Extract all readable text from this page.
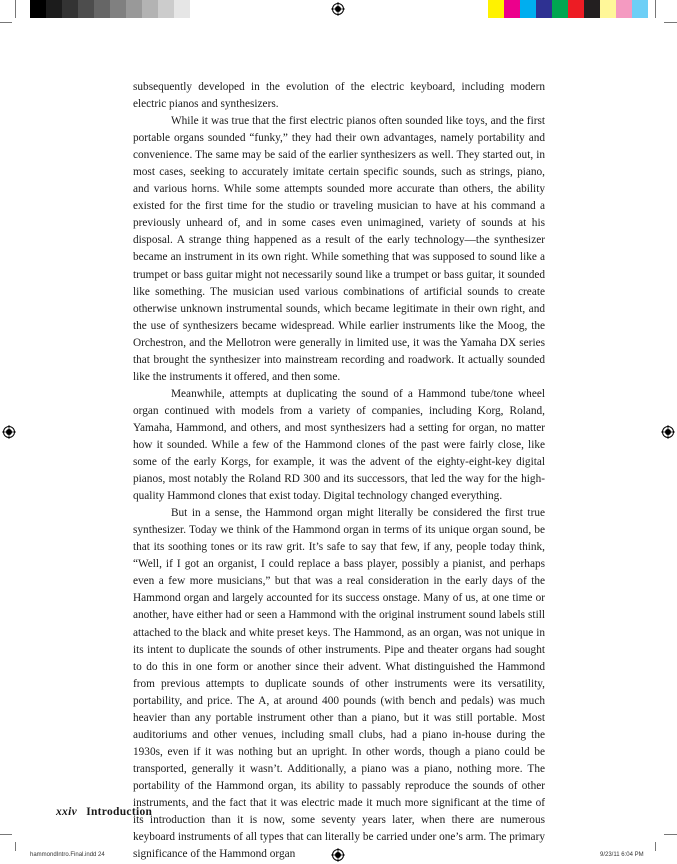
subsequently developed in the evolution of the electric keyboard, including modern electric pianos and synthesizers.

While it was true that the first electric pianos often sounded like toys, and the first portable organs sounded “funky,” they had their own advantages, namely portability and convenience. The same may be said of the earlier synthesizers as well. They started out, in most cases, seeking to accurately imitate certain specific sounds, such as strings, piano, and various horns. While some attempts sounded more accurate than others, the ability existed for the first time for the studio or traveling musician to have at his command a previously unheard of, and in some cases even unimagined, variety of sounds at his disposal. A strange thing happened as a result of the early technology—the synthesizer became an instrument in its own right. While something that was supposed to sound like a trumpet or bass guitar might not necessarily sound like a trumpet or bass guitar, it sounded like something. The musician used various combinations of artificial sounds to create otherwise unknown instrumental sounds, which became legitimate in their own right, and the use of synthesizers became widespread. While earlier instruments like the Moog, the Orchestron, and the Mellotron were generally in limited use, it was the Yamaha DX series that brought the synthesizer into mainstream recording and roadwork. It actually sounded like the instruments it offered, and then some.

Meanwhile, attempts at duplicating the sound of a Hammond tube/tone wheel organ continued with models from a variety of companies, including Korg, Roland, Yamaha, Hammond, and others, and most synthesizers had a setting for organ, no matter how it sounded. While a few of the Hammond clones of the past were fairly close, like some of the early Korgs, for example, it was the advent of the eighty-eight-key digital pianos, most notably the Roland RD 300 and its successors, that led the way for the high-quality Hammond clones that exist today. Digital technology changed everything.

But in a sense, the Hammond organ might literally be considered the first true synthesizer. Today we think of the Hammond organ in terms of its unique organ sound, be that its soothing tones or its raw grit. It’s safe to say that few, if any, people today think, “Well, if I got an organist, I could replace a bass player, possibly a pianist, and perhaps even a few more musicians,” but that was a real consideration in the early days of the Hammond organ and largely accounted for its success onstage. Many of us, at one time or another, have either had or seen a Hammond with the original instrument sound labels still attached to the black and white preset keys. The Hammond, as an organ, was not unique in its intent to duplicate the sounds of other instruments. Pipe and theater organs had sought to do this in one form or another since their advent. What distinguished the Hammond from previous attempts to duplicate sounds of other instruments were its versatility, portability, and price. The A, at around 400 pounds (with bench and pedals) was much heavier than any portable instrument other than a piano, but it was still portable. Most auditoriums and other venues, including small clubs, had a piano in-house during the 1930s, even if it was nothing but an upright. In other words, though a piano could be transported, generally it wasn’t. Additionally, a piano was a piano, nothing more. The portability of the Hammond organ, its ability to passably reproduce the sounds of other instruments, and the fact that it was electric made it much more significant at the time of its introduction than it is now, some seventy years later, when there are numerous keyboard instruments of all types that can literally be carried under one’s arm. The primary significance of the Hammond organ

xxiv Introduction
hammondIntro.Final.indd 24	9/23/11 6:04 PM
